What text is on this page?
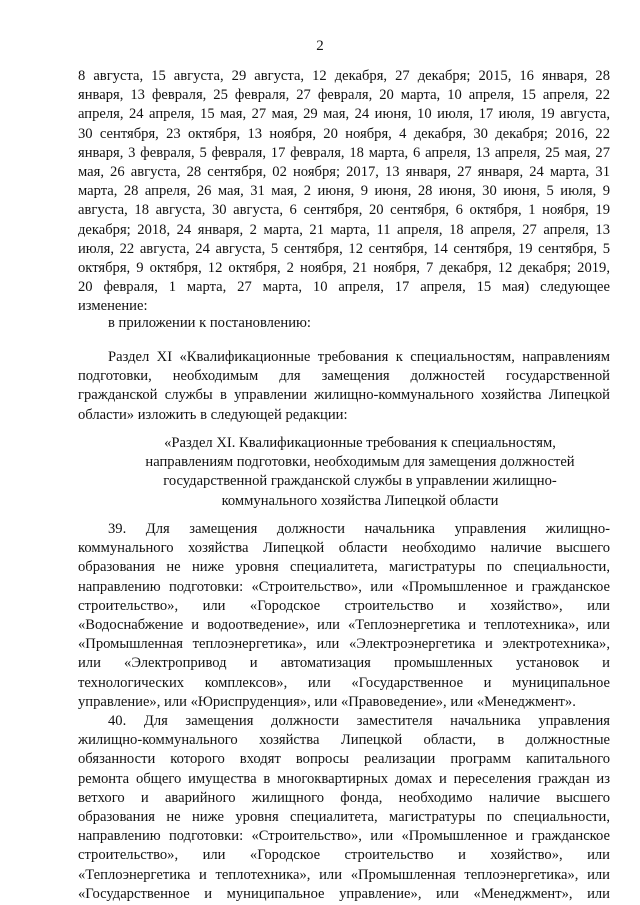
2
8 августа, 15 августа, 29 августа, 12 декабря, 27 декабря; 2015, 16 января, 28
января, 13 февраля, 25 февраля, 27 февраля, 20 марта, 10 апреля, 15 апреля, 22
апреля, 24 апреля, 15 мая, 27 мая, 29 мая, 24 июня, 10 июля, 17 июля, 19 августа,
30 сентября, 23 октября, 13 ноября, 20 ноября, 4 декабря, 30 декабря; 2016, 22
января, 3 февраля, 5 февраля, 17 февраля, 18 марта, 6 апреля, 13 апреля, 25 мая, 27
мая, 26 августа, 28 сентября, 02 ноября; 2017, 13 января, 27 января, 24 марта, 31
марта, 28 апреля, 26 мая, 31 мая, 2 июня, 9 июня, 28 июня, 30 июня, 5 июля, 9
августа, 18 августа, 30 августа, 6 сентября, 20 сентября, 6 октября, 1 ноября, 19
декабря; 2018, 24 января, 2 марта, 21 марта, 11 апреля, 18 апреля, 27 апреля, 13
июля, 22 августа, 24 августа, 5 сентября, 12 сентября, 14 сентября, 19 сентября, 5
октября, 9 октября, 12 октября, 2 ноября, 21 ноября, 7 декабря, 12 декабря; 2019,
20 февраля, 1 марта, 27 марта, 10 апреля, 17 апреля, 15 мая) следующее
изменение:
в приложении к постановлению:
Раздел XI «Квалификационные требования к специальностям, направлениям
подготовки, необходимым для замещения должностей государственной
гражданской службы в управлении жилищно-коммунального хозяйства Липецкой
области» изложить в следующей редакции:
«Раздел XI. Квалификационные требования к специальностям,
направлениям подготовки, необходимым для замещения должностей
государственной гражданской службы в управлении жилищно-
коммунального хозяйства Липецкой области
39. Для замещения должности начальника управления жилищно-
коммунального хозяйства Липецкой области необходимо наличие высшего
образования не ниже уровня специалитета, магистратуры по специальности,
направлению подготовки: «Строительство», или «Промышленное и гражданское
строительство», или «Городское строительство и хозяйство», или
«Водоснабжение и водоотведение», или «Теплоэнергетика и теплотехника», или
«Промышленная теплоэнергетика», или «Электроэнергетика и электротехника»,
или «Электропривод и автоматизация промышленных установок и
технологических комплексов», или «Государственное и муниципальное
управление», или «Юриспруденция», или «Правоведение», или «Менеджмент».
40. Для замещения должности заместителя начальника управления
жилищно-коммунального хозяйства Липецкой области, в должностные
обязанности которого входят вопросы реализации программ капитального
ремонта общего имущества в многоквартирных домах и переселения граждан из
ветхого и аварийного жилищного фонда, необходимо наличие высшего
образования не ниже уровня специалитета, магистратуры по специальности,
направлению подготовки: «Строительство», или «Промышленное и гражданское
строительство», или «Городское строительство и хозяйство», или
«Теплоэнергетика и теплотехника», или «Промышленная теплоэнергетика», или
«Государственное и муниципальное управление», или «Менеджмент», или
